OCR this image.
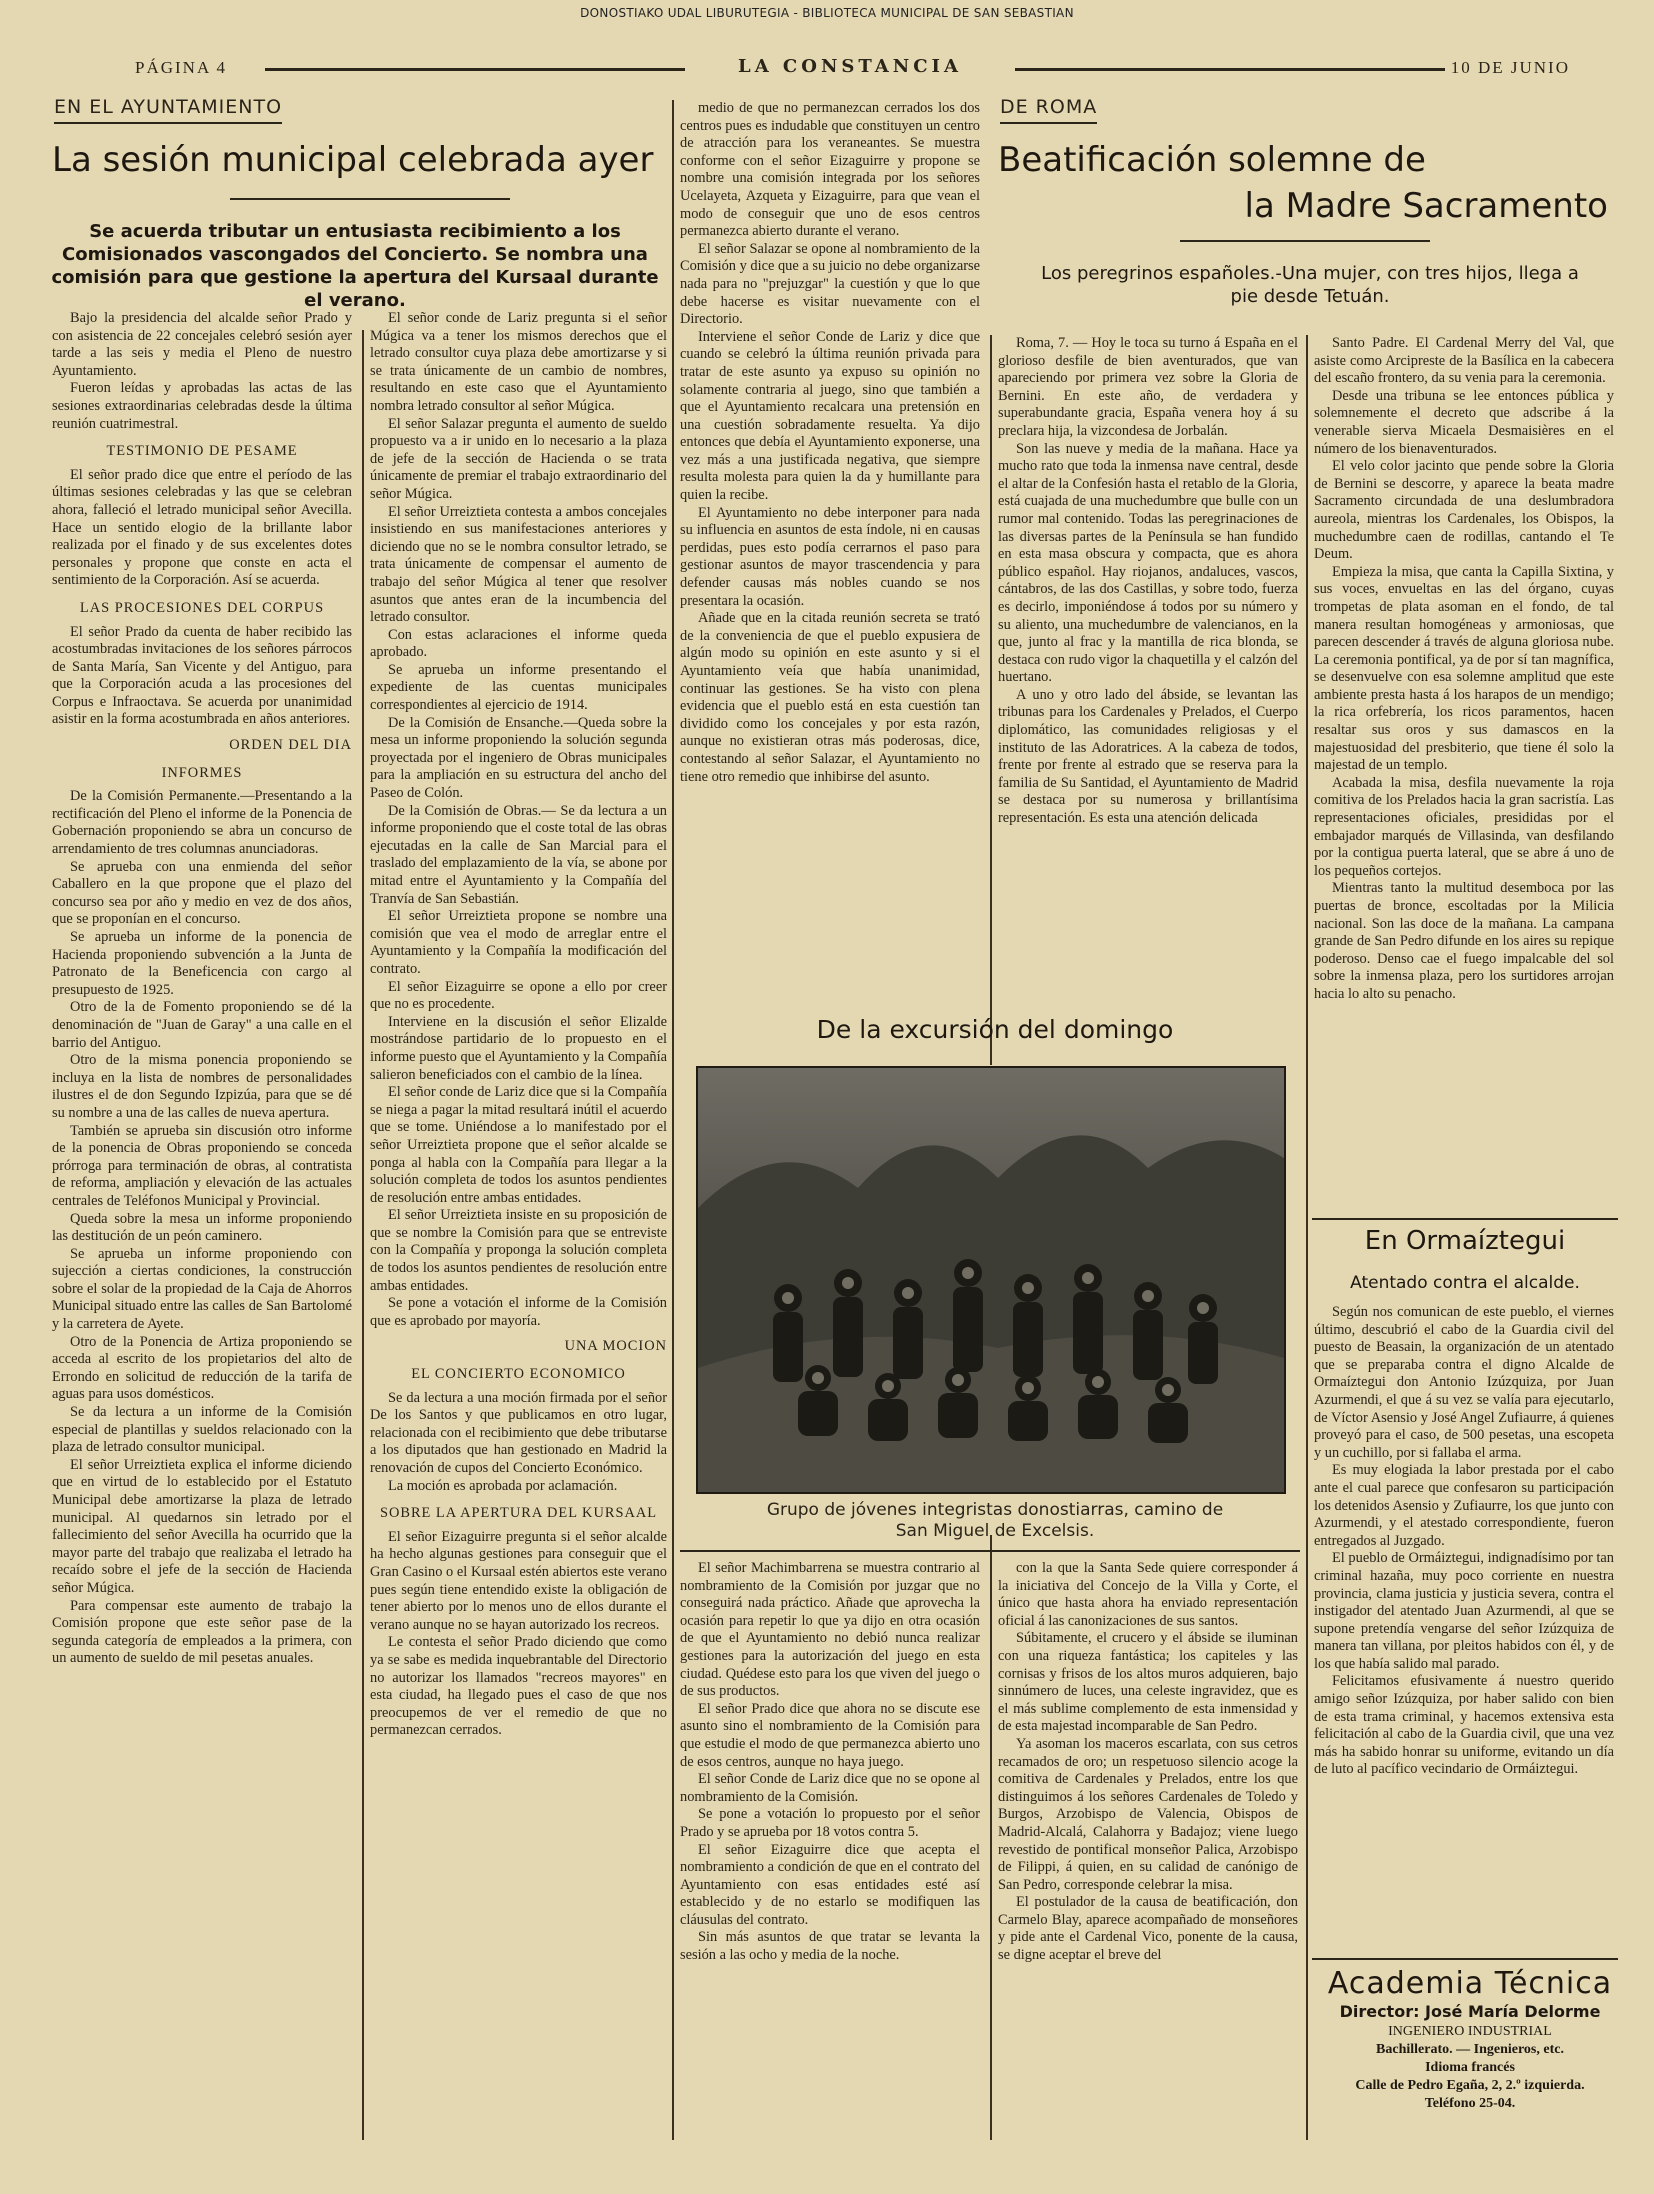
DONOSTIAKO UDAL LIBURUTEGIA - BIBLIOTECA MUNICIPAL DE SAN SEBASTIAN
PÁGINA 4	LA CONSTANCIA	10 DE JUNIO
EN EL AYUNTAMIENTO
La sesión municipal celebrada ayer
Se acuerda tributar un entusiasta recibimiento a los Comisionados vascongados del Concierto. Se nombra una comisión para que gestione la apertura del Kursaal durante el verano.

Bajo la presidencia del alcalde señor Prado y con asistencia de 22 concejales celebró sesión ayer tarde a las seis y media el Pleno de nuestro Ayuntamiento.

Fueron leídas y aprobadas las actas de las sesiones extraordinarias celebradas desde la última reunión cuatrimestral.

TESTIMONIO DE PESAME

El señor prado dice que entre el período de las últimas sesiones celebradas y las que se celebran ahora, falleció el letrado municipal señor Avecilla. Hace un sentido elogio de la brillante labor realizada por el finado y de sus excelentes dotes personales y propone que conste en acta el sentimiento de la Corporación. Así se acuerda.

LAS PROCESIONES DEL CORPUS

El señor Prado da cuenta de haber recibido las acostumbradas invitaciones de los señores párrocos de Santa María, San Vicente y del Antiguo, para que la Corporación acuda a las procesiones del Corpus e Infraoctava. Se acuerda por unanimidad asistir en la forma acostumbrada en años anteriores.

ORDEN DEL DIA

INFORMES

De la Comisión Permanente.—Presentando a la rectificación del Pleno el informe de la Ponencia de Gobernación proponiendo se abra un concurso de arrendamiento de tres columnas anunciadoras.

Se aprueba con una enmienda del señor Caballero en la que propone que el plazo del concurso sea por año y medio en vez de dos años, que se proponían en el concurso.

Se aprueba un informe de la ponencia de Hacienda proponiendo subvención a la Junta de Patronato de la Beneficencia con cargo al presupuesto de 1925.

Otro de la de Fomento proponiendo se dé la denominación de "Juan de Garay" a una calle en el barrio del Antiguo.

Otro de la misma ponencia proponiendo se incluya en la lista de nombres de personalidades ilustres el de don Segundo Izpizúa, para que se dé su nombre a una de las calles de nueva apertura.

También se aprueba sin discusión otro informe de la ponencia de Obras proponiendo se conceda prórroga para terminación de obras, al contratista de reforma, ampliación y elevación de las actuales centrales de Teléfonos Municipal y Provincial.

Queda sobre la mesa un informe proponiendo las destitución de un peón caminero.

Se aprueba un informe proponiendo con sujección a ciertas condiciones, la construcción sobre el solar de la propiedad de la Caja de Ahorros Municipal situado entre las calles de San Bartolomé y la carretera de Ayete.

Otro de la Ponencia de Artiza proponiendo se acceda al escrito de los propietarios del alto de Errondo en solicitud de reducción de la tarifa de aguas para usos domésticos.

Se da lectura a un informe de la Comisión especial de plantillas y sueldos relacionado con la plaza de letrado consultor municipal.

El señor Urreiztieta explica el informe diciendo que en virtud de lo establecido por el Estatuto Municipal debe amortizarse la plaza de letrado municipal. Al quedarnos sin letrado por el fallecimiento del señor Avecilla ha ocurrido que la mayor parte del trabajo que realizaba el letrado ha recaído sobre el jefe de la sección de Hacienda señor Múgica.

Para compensar este aumento de trabajo la Comisión propone que este señor pase de la segunda categoría de empleados a la primera, con un aumento de sueldo de mil pesetas anuales.

El señor conde de Lariz pregunta si el señor Múgica va a tener los mismos derechos que el letrado consultor cuya plaza debe amortizarse y si se trata únicamente de un cambio de nombres, resultando en este caso que el Ayuntamiento nombra letrado consultor al señor Múgica.

El señor Salazar pregunta el aumento de sueldo propuesto va a ir unido en lo necesario a la plaza de jefe de la sección de Hacienda o se trata únicamente de premiar el trabajo extraordinario del señor Múgica.

El señor Urreiztieta contesta a ambos concejales insistiendo en sus manifestaciones anteriores y diciendo que no se le nombra consultor letrado, se trata únicamente de compensar el aumento de trabajo del señor Múgica al tener que resolver asuntos que antes eran de la incumbencia del letrado consultor.

Con estas aclaraciones el informe queda aprobado.

Se aprueba un informe presentando el expediente de las cuentas municipales correspondientes al ejercicio de 1914.

De la Comisión de Ensanche.—Queda sobre la mesa un informe proponiendo la solución segunda proyectada por el ingeniero de Obras municipales para la ampliación en su estructura del ancho del Paseo de Colón.

De la Comisión de Obras.— Se da lectura a un informe proponiendo que el coste total de las obras ejecutadas en la calle de San Marcial para el traslado del emplazamiento de la vía, se abone por mitad entre el Ayuntamiento y la Compañía del Tranvía de San Sebastián.

El señor Urreiztieta propone se nombre una comisión que vea el modo de arreglar entre el Ayuntamiento y la Compañía la modificación del contrato.

El señor Eizaguirre se opone a ello por creer que no es procedente.

Interviene en la discusión el señor Elizalde mostrándose partidario de lo propuesto en el informe puesto que el Ayuntamiento y la Compañía salieron beneficiados con el cambio de la línea.

El señor conde de Lariz dice que si la Compañía se niega a pagar la mitad resultará inútil el acuerdo que se tome. Uniéndose a lo manifestado por el señor Urreiztieta propone que el señor alcalde se ponga al habla con la Compañía para llegar a la solución completa de todos los asuntos pendientes de resolución entre ambas entidades.

El señor Urreiztieta insiste en su proposición de que se nombre la Comisión para que se entreviste con la Compañía y proponga la solución completa de todos los asuntos pendientes de resolución entre ambas entidades.

Se pone a votación el informe de la Comisión que es aprobado por mayoría.

UNA MOCION

EL CONCIERTO ECONOMICO

Se da lectura a una moción firmada por el señor De los Santos y que publicamos en otro lugar, relacionada con el recibimiento que debe tributarse a los diputados que han gestionado en Madrid la renovación de cupos del Concierto Económico.

La moción es aprobada por aclamación.

SOBRE LA APERTURA DEL KURSAAL

El señor Eizaguirre pregunta si el señor alcalde ha hecho algunas gestiones para conseguir que el Gran Casino o el Kursaal estén abiertos este verano pues según tiene entendido existe la obligación de tener abierto por lo menos uno de ellos durante el verano aunque no se hayan autorizado los recreos.

Le contesta el señor Prado diciendo que como ya se sabe es medida inquebrantable del Directorio no autorizar los llamados "recreos mayores" en esta ciudad, ha llegado pues el caso de que nos preocupemos de ver el remedio de que no permanezcan cerrados.

medio de que no permanezcan cerrados los dos centros pues es indudable que constituyen un centro de atracción para los veraneantes. Se muestra conforme con el señor Eizaguirre y propone se nombre una comisión integrada por los señores Ucelayeta, Azqueta y Eizaguirre, para que vean el modo de conseguir que uno de esos centros permanezca abierto durante el verano.

El señor Salazar se opone al nombramiento de la Comisión y dice que a su juicio no debe organizarse nada para no "prejuzgar" la cuestión y que lo que debe hacerse es visitar nuevamente con el Directorio.

Interviene el señor Conde de Lariz y dice que cuando se celebró la última reunión privada para tratar de este asunto ya expuso su opinión no solamente contraria al juego, sino que también a que el Ayuntamiento recalcara una pretensión en una cuestión sobradamente resuelta. Ya dijo entonces que debía el Ayuntamiento exponerse, una vez más a una justificada negativa, que siempre resulta molesta para quien la da y humillante para quien la recibe.

El Ayuntamiento no debe interponer para nada su influencia en asuntos de esta índole, ni en causas perdidas, pues esto podía cerrarnos el paso para gestionar asuntos de mayor trascendencia y para defender causas más nobles cuando se nos presentara la ocasión.

Añade que en la citada reunión secreta se trató de la conveniencia de que el pueblo expusiera de algún modo su opinión en este asunto y si el Ayuntamiento veía que había unanimidad, continuar las gestiones. Se ha visto con plena evidencia que el pueblo está en esta cuestión tan dividido como los concejales y por esta razón, aunque no existieran otras más poderosas, dice, contestando al señor Salazar, el Ayuntamiento no tiene otro remedio que inhibirse del asunto.

DE ROMA
Beatificación solemne de
la Madre Sacramento
Los peregrinos españoles.-Una mujer, con tres hijos, llega a pie desde Tetuán.

Roma, 7. — Hoy le toca su turno á España en el glorioso desfile de bien aventurados, que van apareciendo por primera vez sobre la Gloria de Bernini. En este año, de verdadera y superabundante gracia, España venera hoy á su preclara hija, la vizcondesa de Jorbalán.

Son las nueve y media de la mañana. Hace ya mucho rato que toda la inmensa nave central, desde el altar de la Confesión hasta el retablo de la Gloria, está cuajada de una muchedumbre que bulle con un rumor mal contenido. Todas las peregrinaciones de las diversas partes de la Península se han fundido en esta masa obscura y compacta, que es ahora público español. Hay riojanos, andaluces, vascos, cántabros, de las dos Castillas, y sobre todo, fuerza es decirlo, imponiéndose á todos por su número y su aliento, una muchedumbre de valencianos, en la que, junto al frac y la mantilla de rica blonda, se destaca con rudo vigor la chaquetilla y el calzón del huertano.

A uno y otro lado del ábside, se levantan las tribunas para los Cardenales y Prelados, el Cuerpo diplomático, las comunidades religiosas y el instituto de las Adoratrices. A la cabeza de todos, frente por frente al estrado que se reserva para la familia de Su Santidad, el Ayuntamiento de Madrid se destaca por su numerosa y brillantísima representación. Es esta una atención delicada

Santo Padre. El Cardenal Merry del Val, que asiste como Arcipreste de la Basílica en la cabecera del escaño frontero, da su venia para la ceremonia.

Desde una tribuna se lee entonces pública y solemnemente el decreto que adscribe á la venerable sierva Micaela Desmaisières en el número de los bienaventurados.

El velo color jacinto que pende sobre la Gloria de Bernini se descorre, y aparece la beata madre Sacramento circundada de una deslumbradora aureola, mientras los Cardenales, los Obispos, la muchedumbre caen de rodillas, cantando el Te Deum.

Empieza la misa, que canta la Capilla Sixtina, y sus voces, envueltas en las del órgano, cuyas trompetas de plata asoman en el fondo, de tal manera resultan homogéneas y armoniosas, que parecen descender á través de alguna gloriosa nube. La ceremonia pontifical, ya de por sí tan magnífica, se desenvuelve con esa solemne amplitud que este ambiente presta hasta á los harapos de un mendigo; la rica orfebrería, los ricos paramentos, hacen resaltar sus oros y sus damascos en la majestuosidad del presbiterio, que tiene él solo la majestad de un templo.

Acabada la misa, desfila nuevamente la roja comitiva de los Prelados hacia la gran sacristía. Las representaciones oficiales, presididas por el embajador marqués de Villasinda, van desfilando por la contigua puerta lateral, que se abre á uno de los pequeños cortejos.

Mientras tanto la multitud desemboca por las puertas de bronce, escoltadas por la Milicia nacional. Son las doce de la mañana. La campana grande de San Pedro difunde en los aires su repique poderoso. Denso cae el fuego impalcable del sol sobre la inmensa plaza, pero los surtidores arrojan hacia lo alto su penacho.

De la excursión del domingo
Grupo de jóvenes integristas donostiarras, camino de
San Miguel de Excelsis.

El señor Machimbarrena se muestra contrario al nombramiento de la Comisión por juzgar que no conseguirá nada práctico. Añade que aprovecha la ocasión para repetir lo que ya dijo en otra ocasión de que el Ayuntamiento no debió nunca realizar gestiones para la autorización del juego en esta ciudad. Quédese esto para los que viven del juego o de sus productos.

El señor Prado dice que ahora no se discute ese asunto sino el nombramiento de la Comisión para que estudie el modo de que permanezca abierto uno de esos centros, aunque no haya juego.

El señor Conde de Lariz dice que no se opone al nombramiento de la Comisión.

Se pone a votación lo propuesto por el señor Prado y se aprueba por 18 votos contra 5.

El señor Eizaguirre dice que acepta el nombramiento a condición de que en el contrato del Ayuntamiento con esas entidades esté así establecido y de no estarlo se modifiquen las cláusulas del contrato.

Sin más asuntos de que tratar se levanta la sesión a las ocho y media de la noche.

con la que la Santa Sede quiere corresponder á la iniciativa del Concejo de la Villa y Corte, el único que hasta ahora ha enviado representación oficial á las canonizaciones de sus santos.

Súbitamente, el crucero y el ábside se iluminan con una riqueza fantástica; los capiteles y las cornisas y frisos de los altos muros adquieren, bajo sinnúmero de luces, una celeste ingravidez, que es el más sublime complemento de esta inmensidad y de esta majestad incomparable de San Pedro.

Ya asoman los maceros escarlata, con sus cetros recamados de oro; un respetuoso silencio acoge la comitiva de Cardenales y Prelados, entre los que distinguimos á los señores Cardenales de Toledo y Burgos, Arzobispo de Valencia, Obispos de Madrid-Alcalá, Calahorra y Badajoz; viene luego revestido de pontifical monseñor Palica, Arzobispo de Filippi, á quien, en su calidad de canónigo de San Pedro, corresponde celebrar la misa.

El postulador de la causa de beatificación, don Carmelo Blay, aparece acompañado de monseñores y pide ante el Cardenal Vico, ponente de la causa, se digne aceptar el breve del

En Ormaíztegui
Atentado contra el alcalde.

Según nos comunican de este pueblo, el viernes último, descubrió el cabo de la Guardia civil del puesto de Beasain, la organización de un atentado que se preparaba contra el digno Alcalde de Ormaíztegui don Antonio Izúzquiza, por Juan Azurmendi, el que á su vez se valía para ejecutarlo, de Víctor Asensio y José Angel Zufiaurre, á quienes proveyó para el caso, de 500 pesetas, una escopeta y un cuchillo, por si fallaba el arma.

Es muy elogiada la labor prestada por el cabo ante el cual parece que confesaron su participación los detenidos Asensio y Zufiaurre, los que junto con Azurmendi, y el atestado correspondiente, fueron entregados al Juzgado.

El pueblo de Ormáiztegui, indignadísimo por tan criminal hazaña, muy poco corriente en nuestra provincia, clama justicia y justicia severa, contra el instigador del atentado Juan Azurmendi, al que se supone pretendía vengarse del señor Izúzquiza de manera tan villana, por pleitos habidos con él, y de los que había salido mal parado.

Felicitamos efusivamente á nuestro querido amigo señor Izúzquiza, por haber salido con bien de esta trama criminal, y hacemos extensiva esta felicitación al cabo de la Guardia civil, que una vez más ha sabido honrar su uniforme, evitando un día de luto al pacífico vecindario de Ormáiztegui.

Academia Técnica
Director: José María Delorme
INGENIERO INDUSTRIAL
Bachillerato. — Ingenieros, etc.
Idioma francés
Calle de Pedro Egaña, 2, 2.º izquierda.
Teléfono 25-04.
